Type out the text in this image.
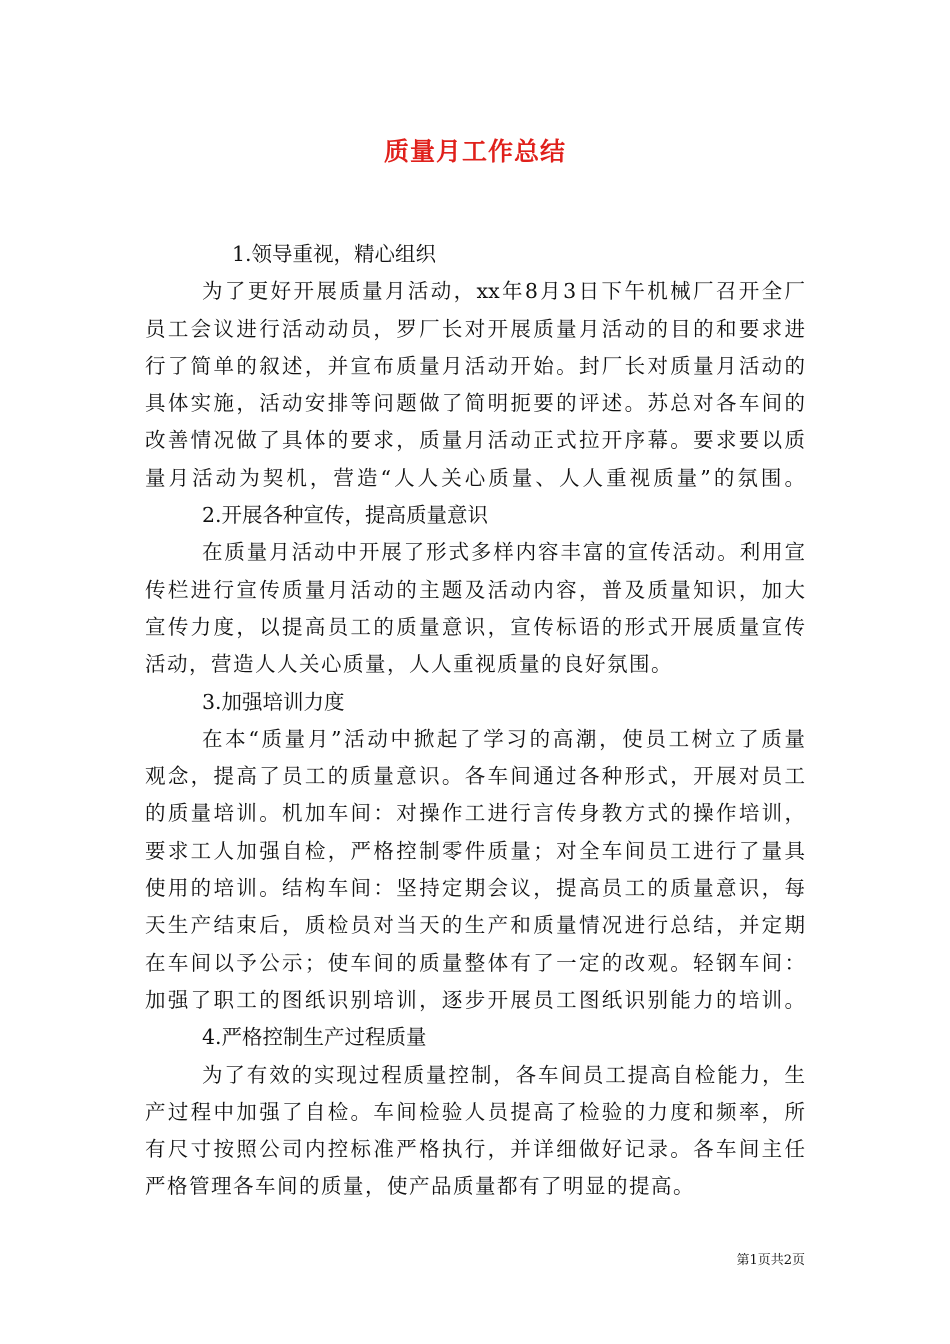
质量月工作总结
1.领导重视，精心组织
为了更好开展质量月活动，xx年8月3日下午机械厂召开全厂
员工会议进行活动动员，罗厂长对开展质量月活动的目的和要求进
行了简单的叙述，并宣布质量月活动开始。封厂长对质量月活动的
具体实施，活动安排等问题做了简明扼要的评述。苏总对各车间的
改善情况做了具体的要求，质量月活动正式拉开序幕。要求要以质
量月活动为契机，营造“人人关心质量、人人重视质量”的氛围。
2.开展各种宣传，提高质量意识
在质量月活动中开展了形式多样内容丰富的宣传活动。利用宣
传栏进行宣传质量月活动的主题及活动内容，普及质量知识，加大
宣传力度，以提高员工的质量意识，宣传标语的形式开展质量宣传
活动，营造人人关心质量，人人重视质量的良好氛围。
3.加强培训力度
在本“质量月”活动中掀起了学习的高潮，使员工树立了质量
观念，提高了员工的质量意识。各车间通过各种形式，开展对员工
的质量培训。机加车间：对操作工进行言传身教方式的操作培训，
要求工人加强自检，严格控制零件质量；对全车间员工进行了量具
使用的培训。结构车间：坚持定期会议，提高员工的质量意识，每
天生产结束后，质检员对当天的生产和质量情况进行总结，并定期
在车间以予公示；使车间的质量整体有了一定的改观。轻钢车间：
加强了职工的图纸识别培训，逐步开展员工图纸识别能力的培训。
4.严格控制生产过程质量
为了有效的实现过程质量控制，各车间员工提高自检能力，生
产过程中加强了自检。车间检验人员提高了检验的力度和频率，所
有尺寸按照公司内控标准严格执行，并详细做好记录。各车间主任
严格管理各车间的质量，使产品质量都有了明显的提高。
第1页共2页
